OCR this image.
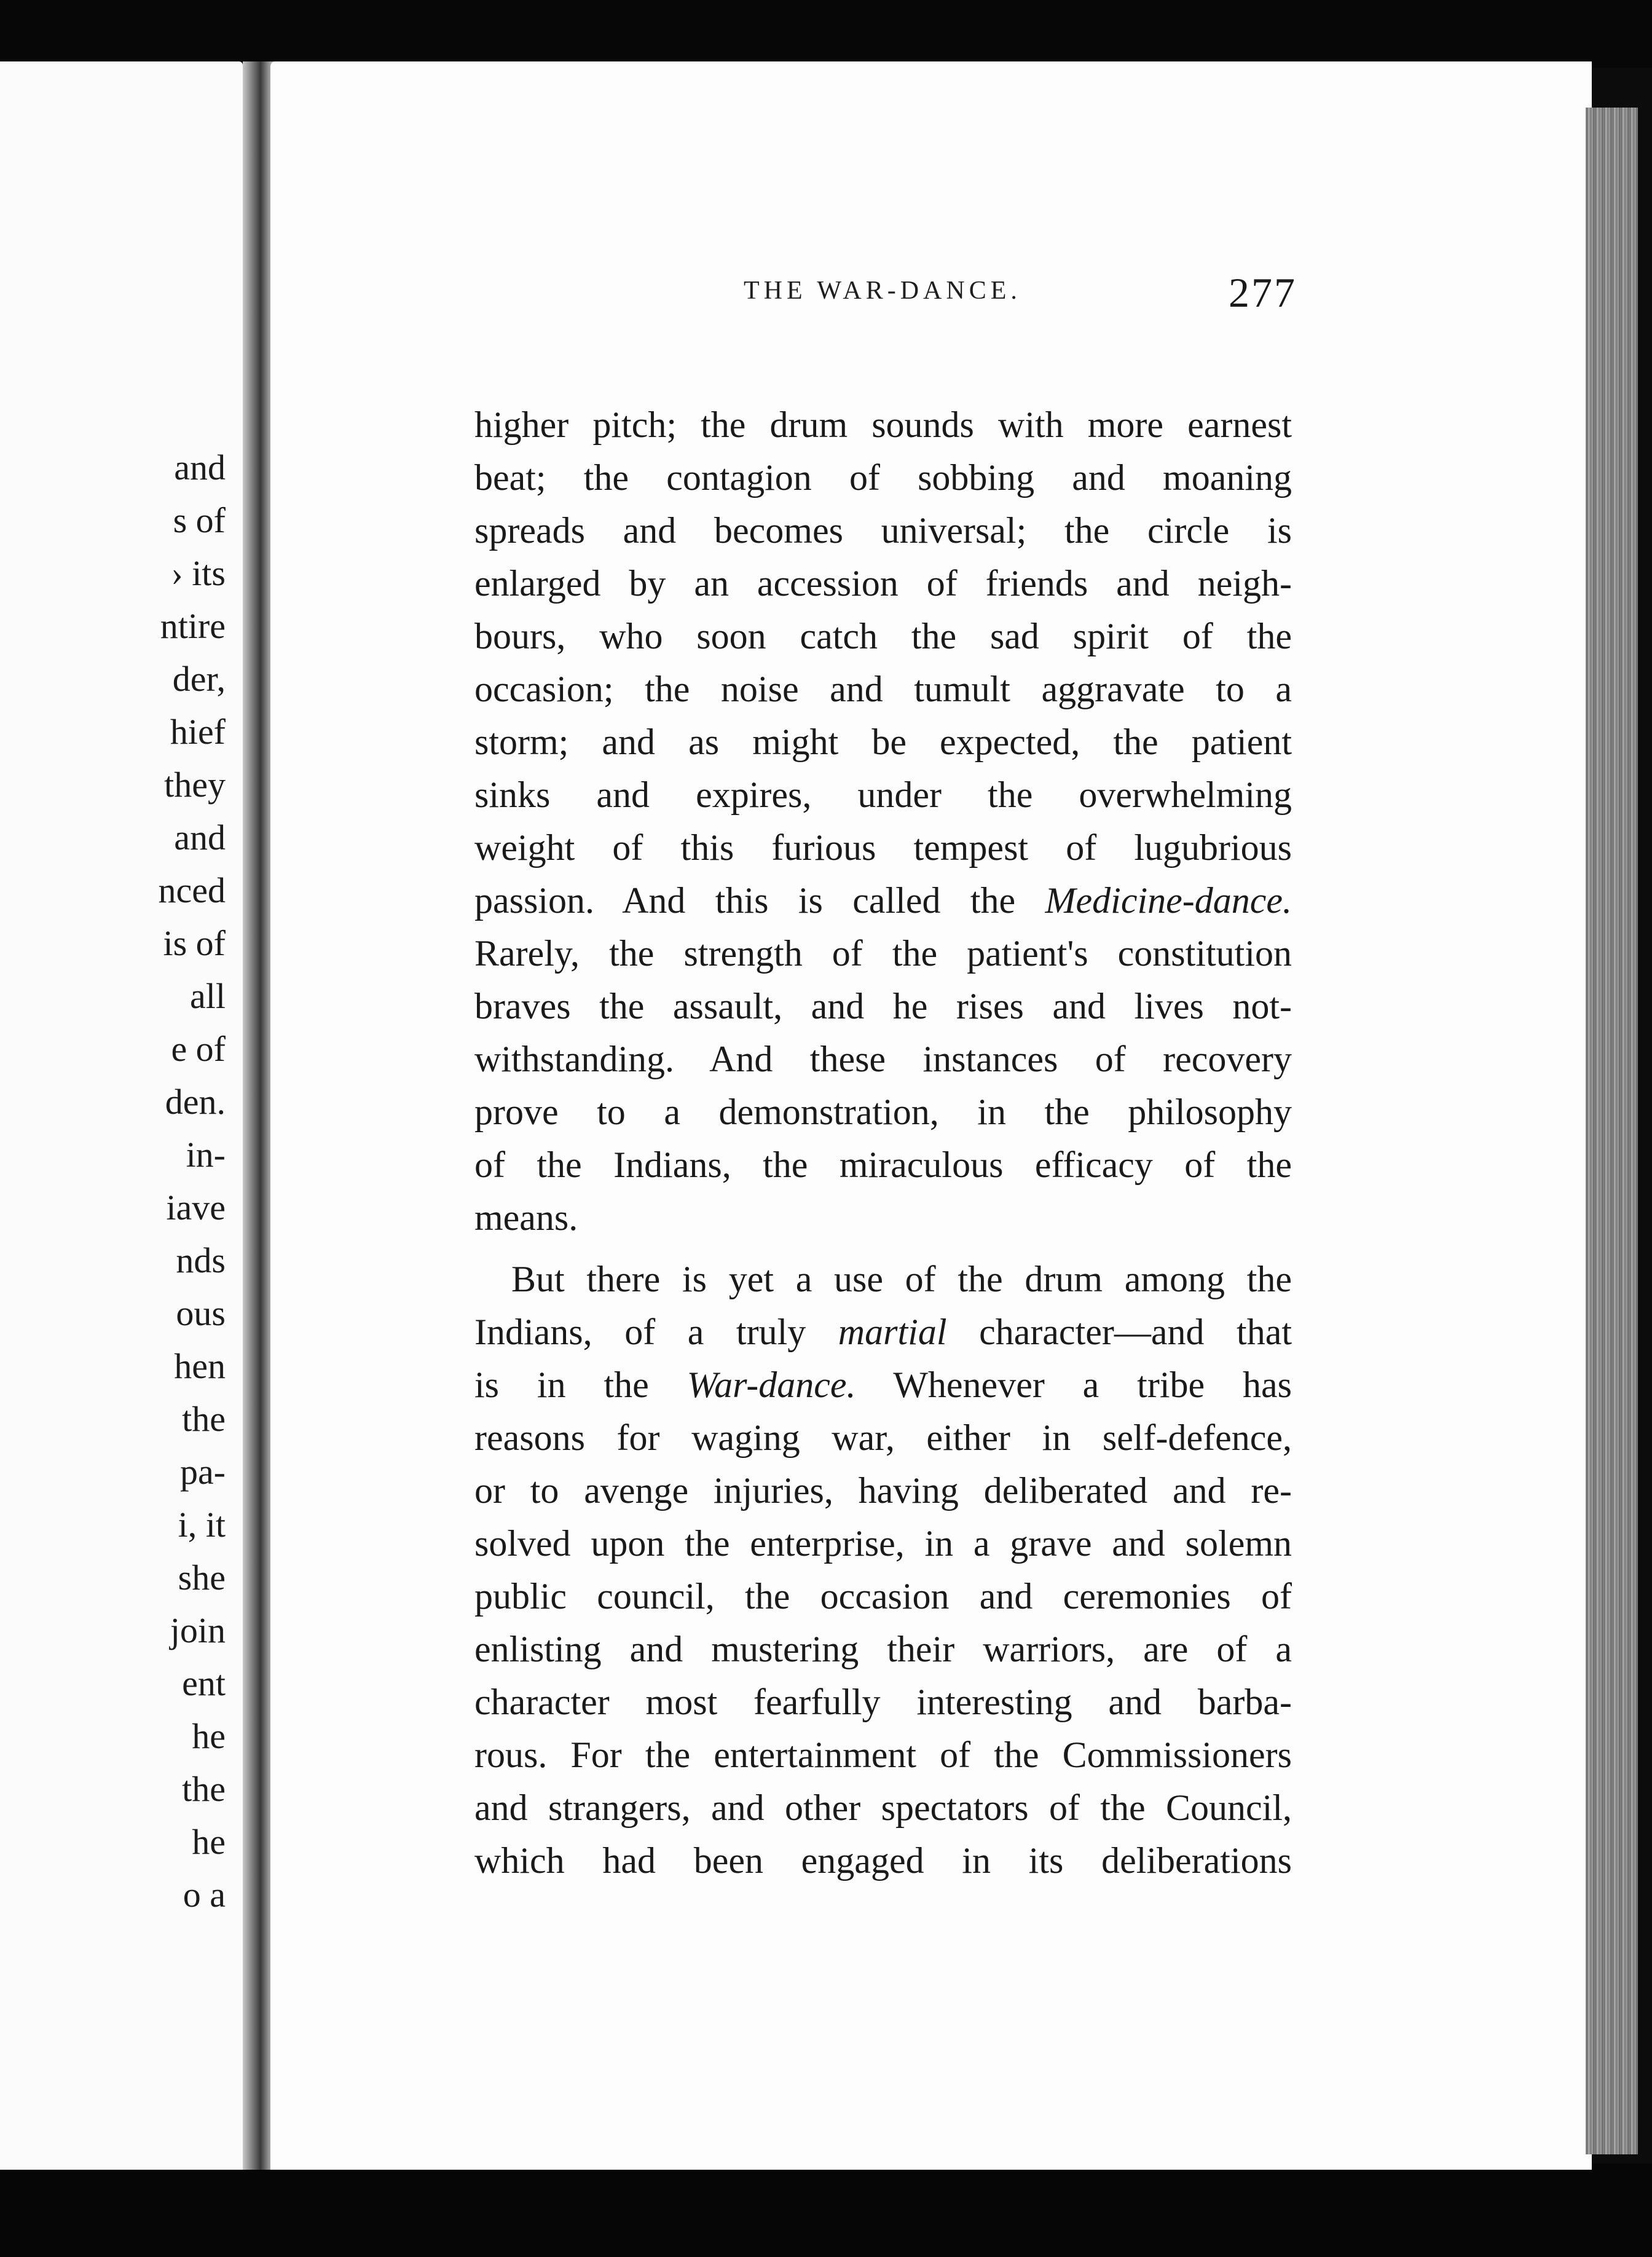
and
s of
› its
ntire
der,
hief
they
and
nced
is of
all
e of
den.
in-
iave
nds
ous
hen
the
pa-
i, it
she
join
ent
he
the
he
o a
THE WAR-DANCE.	277
higher pitch; the drum sounds with more earnest
beat; the contagion of sobbing and moaning
spreads and becomes universal; the circle is
enlarged by an accession of friends and neigh-
bours, who soon catch the sad spirit of the
occasion; the noise and tumult aggravate to a
storm; and as might be expected, the patient
sinks and expires, under the overwhelming
weight of this furious tempest of lugubrious
passion. And this is called the Medicine-dance.
Rarely, the strength of the patient's constitution
braves the assault, and he rises and lives not-
withstanding. And these instances of recovery
prove to a demonstration, in the philosophy
of the Indians, the miraculous efficacy of the
means.
But there is yet a use of the drum among the
Indians, of a truly martial character—and that
is in the War-dance. Whenever a tribe has
reasons for waging war, either in self-defence,
or to avenge injuries, having deliberated and re-
solved upon the enterprise, in a grave and solemn
public council, the occasion and ceremonies of
enlisting and mustering their warriors, are of a
character most fearfully interesting and barba-
rous. For the entertainment of the Commissioners
and strangers, and other spectators of the Council,
which had been engaged in its deliberations
